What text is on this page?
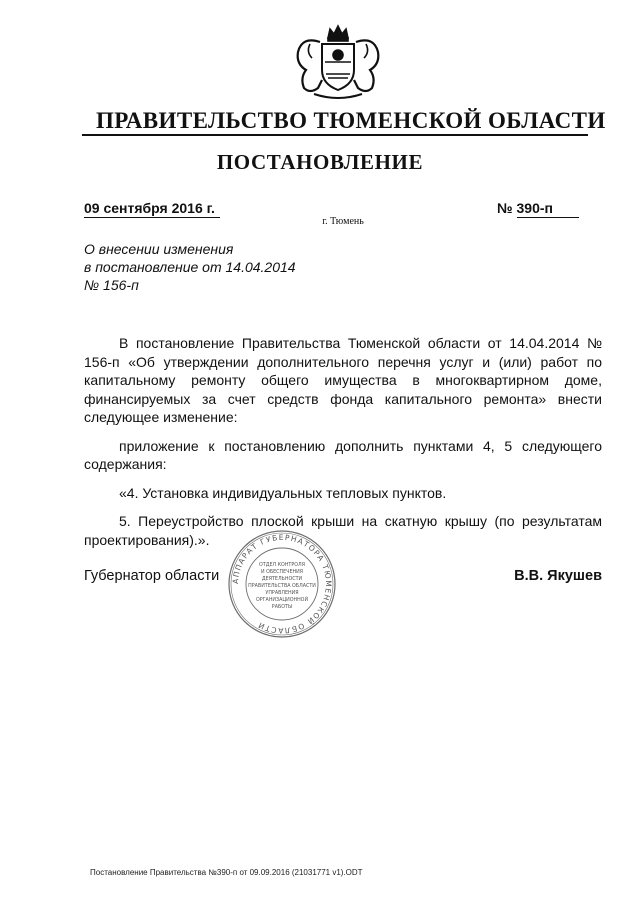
ПРАВИТЕЛЬСТВО ТЮМЕНСКОЙ ОБЛАСТИ
ПОСТАНОВЛЕНИЕ
09 сентября 2016 г.	№ 390-п
г. Тюмень
О внесении изменения
в постановление от 14.04.2014
№ 156-п

В постановление Правительства Тюменской области от 14.04.2014 № 156-п «Об утверждении дополнительного перечня услуг и (или) работ по капитальному ремонту общего имущества в многоквартирном доме, финансируемых за счет средств фонда капитального ремонта» внести следующее изменение:

приложение к постановлению дополнить пунктами 4, 5 следующего содержания:

«4. Установка индивидуальных тепловых пунктов.

5. Переустройство плоской крыши на скатную крышу (по результатам проектирования).».

Губернатор области	В.В. Якушев
АППАРАТ ГУБЕРНАТОРА ТЮМЕНСКОЙ ОБЛАСТИ
ОТДЕЛ КОНТРОЛЯ
И ОБЕСПЕЧЕНИЯ
ДЕЯТЕЛЬНОСТИ
ПРАВИТЕЛЬСТВА ОБЛАСТИ
УПРАВЛЕНИЯ
ОРГАНИЗАЦИОННОЙ
РАБОТЫ
Постановление Правительства №390-п от 09.09.2016 (21031771 v1).ODT
